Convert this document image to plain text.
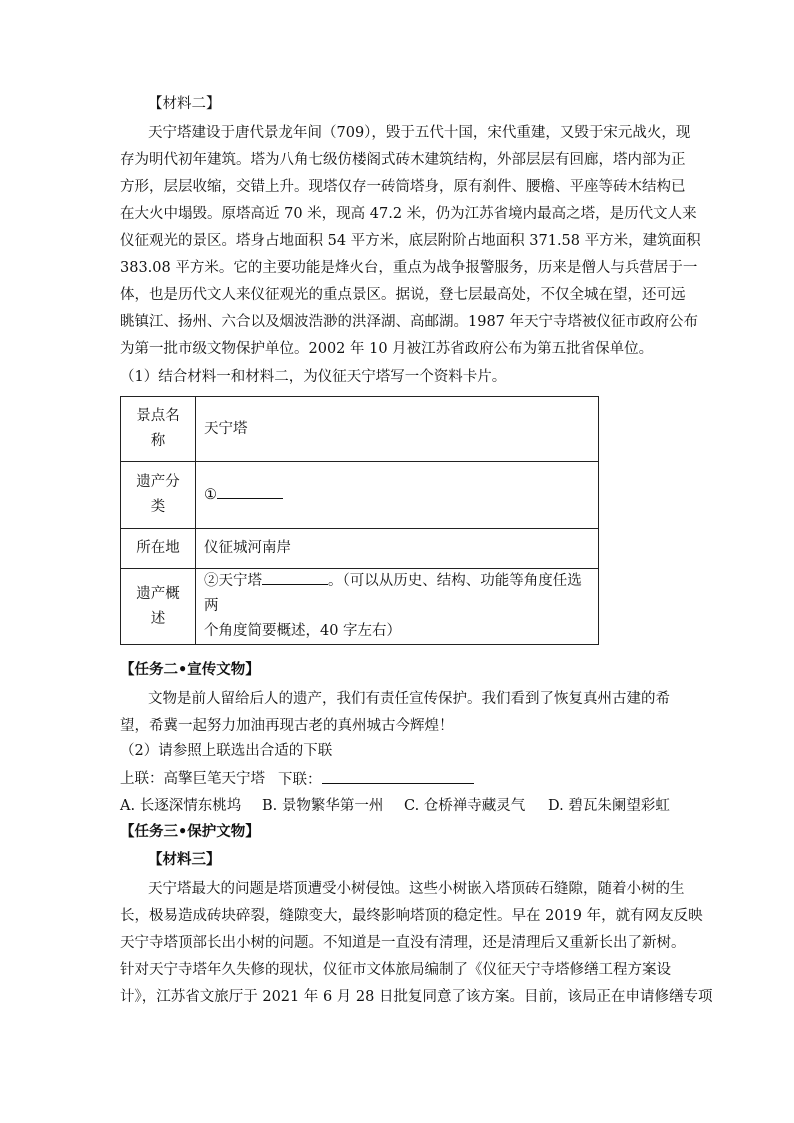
【材料二】
天宁塔建设于唐代景龙年间（709），毁于五代十国，宋代重建，又毁于宋元战火，现
存为明代初年建筑。塔为八角七级仿楼阁式砖木建筑结构，外部层层有回廊，塔内部为正
方形，层层收缩，交错上升。现塔仅存一砖筒塔身，原有刹件、腰檐、平座等砖木结构已
在大火中塌毁。原塔高近 70 米，现高 47.2 米，仍为江苏省境内最高之塔，是历代文人来
仪征观光的景区。塔身占地面积 54 平方米，底层附阶占地面积 371.58 平方米，建筑面积
383.08 平方米。它的主要功能是烽火台，重点为战争报警服务，历来是僧人与兵营居于一
体，也是历代文人来仪征观光的重点景区。据说，登七层最高处，不仅全城在望，还可远
眺镇江、扬州、六合以及烟波浩渺的洪泽湖、高邮湖。1987 年天宁寺塔被仪征市政府公布
为第一批市级文物保护单位。2002 年 10 月被江苏省政府公布为第五批省保单位。
（1）结合材料一和材料二，为仪征天宁塔写一个资料卡片。
景点名
称	天宁塔
遗产分
类	①
所在地	仪征城河南岸
遗产概
述	②天宁塔 。（可以从历史、结构、功能等角度任选两
个角度简要概述，40 字左右）
【任务二•宣传文物】
文物是前人留给后人的遗产，我们有责任宣传保护。我们看到了恢复真州古建的希
望，希冀一起努力加油再现古老的真州城古今辉煌！
（2）请参照上联选出合适的下联
上联：高擎巨笔天宁塔 下联：
A. 长逐深情东桃坞 B. 景物繁华第一州 C. 仓桥禅寺藏灵气 D. 碧瓦朱阑望彩虹
【任务三•保护文物】
【材料三】
天宁塔最大的问题是塔顶遭受小树侵蚀。这些小树嵌入塔顶砖石缝隙，随着小树的生
长，极易造成砖块碎裂，缝隙变大，最终影响塔顶的稳定性。早在 2019 年，就有网友反映
天宁寺塔顶部长出小树的问题。不知道是一直没有清理，还是清理后又重新长出了新树。
针对天宁寺塔年久失修的现状，仪征市文体旅局编制了《仪征天宁寺塔修缮工程方案设
计》，江苏省文旅厅于 2021 年 6 月 28 日批复同意了该方案。目前，该局正在申请修缮专项
